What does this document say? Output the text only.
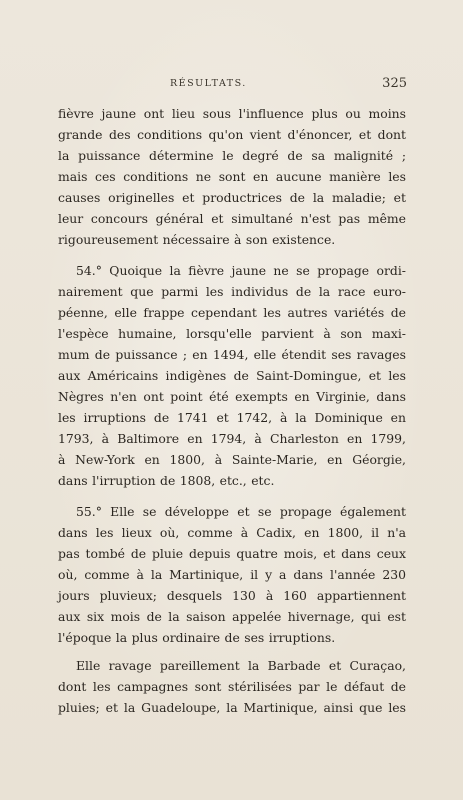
RÉSULTATS.	325
fièvre jaune ont lieu sous l'influence plus ou moins
grande des conditions qu'on vient d'énoncer, et dont
la puissance détermine le degré de sa malignité ;
mais ces conditions ne sont en aucune manière les
causes originelles et productrices de la maladie; et
leur concours général et simultané n'est pas même
rigoureusement nécessaire à son existence.
54.° Quoique la fièvre jaune ne se propage ordi-
nairement que parmi les individus de la race euro-
péenne, elle frappe cependant les autres variétés de
l'espèce humaine, lorsqu'elle parvient à son maxi-
mum de puissance ; en 1494, elle étendit ses ravages
aux Américains indigènes de Saint-Domingue, et les
Nègres n'en ont point été exempts en Virginie, dans
les irruptions de 1741 et 1742, à la Dominique en
1793, à Baltimore en 1794, à Charleston en 1799,
à New-York en 1800, à Sainte-Marie, en Géorgie,
dans l'irruption de 1808, etc., etc.
55.° Elle se développe et se propage également
dans les lieux où, comme à Cadix, en 1800, il n'a
pas tombé de pluie depuis quatre mois, et dans ceux
où, comme à la Martinique, il y a dans l'année 230
jours pluvieux; desquels 130 à 160 appartiennent
aux six mois de la saison appelée hivernage, qui est
l'époque la plus ordinaire de ses irruptions.
Elle ravage pareillement la Barbade et Curaçao,
dont les campagnes sont stérilisées par le défaut de
pluies; et la Guadeloupe, la Martinique, ainsi que les
